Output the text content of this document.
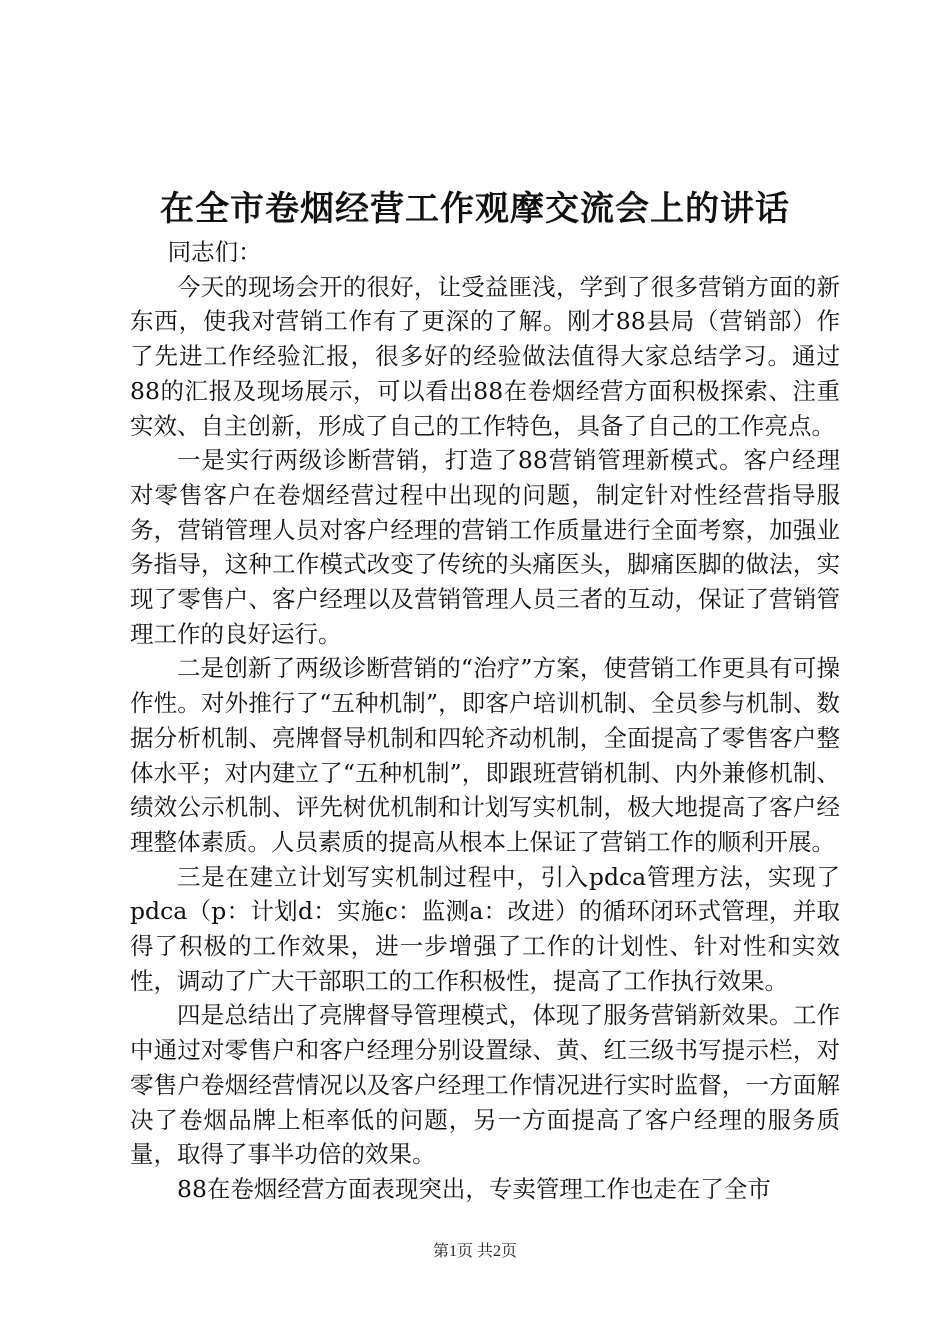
在全市卷烟经营工作观摩交流会上的讲话

同志们：

今天的现场会开的很好，让受益匪浅，学到了很多营销方面的新东西，使我对营销工作有了更深的了解。刚才88县局（营销部）作了先进工作经验汇报，很多好的经验做法值得大家总结学习。通过88的汇报及现场展示，可以看出88在卷烟经营方面积极探索、注重实效、自主创新，形成了自己的工作特色，具备了自己的工作亮点。

一是实行两级诊断营销，打造了88营销管理新模式。客户经理对零售客户在卷烟经营过程中出现的问题，制定针对性经营指导服务，营销管理人员对客户经理的营销工作质量进行全面考察，加强业务指导，这种工作模式改变了传统的头痛医头，脚痛医脚的做法，实现了零售户、客户经理以及营销管理人员三者的互动，保证了营销管理工作的良好运行。

二是创新了两级诊断营销的“治疗”方案，使营销工作更具有可操作性。对外推行了“五种机制”，即客户培训机制、全员参与机制、数据分析机制、亮牌督导机制和四轮齐动机制，全面提高了零售客户整体水平；对内建立了“五种机制”，即跟班营销机制、内外兼修机制、绩效公示机制、评先树优机制和计划写实机制，极大地提高了客户经理整体素质。人员素质的提高从根本上保证了营销工作的顺利开展。

三是在建立计划写实机制过程中，引入pdca管理方法，实现了pdca（p：计划d：实施c：监测a：改进）的循环闭环式管理，并取得了积极的工作效果，进一步增强了工作的计划性、针对性和实效性，调动了广大干部职工的工作积极性，提高了工作执行效果。

四是总结出了亮牌督导管理模式，体现了服务营销新效果。工作中通过对零售户和客户经理分别设置绿、黄、红三级书写提示栏，对零售户卷烟经营情况以及客户经理工作情况进行实时监督，一方面解决了卷烟品牌上柜率低的问题，另一方面提高了客户经理的服务质量，取得了事半功倍的效果。

88在卷烟经营方面表现突出，专卖管理工作也走在了全市

第1页 共2页
